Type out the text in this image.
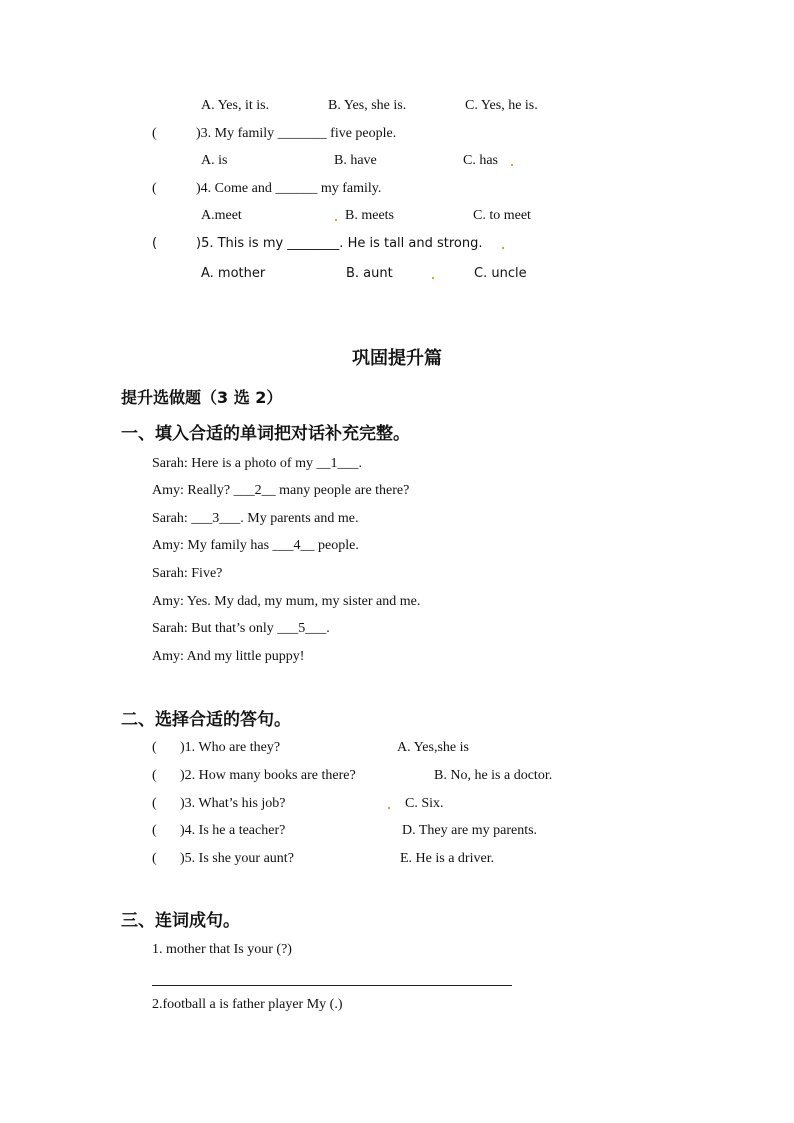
A. Yes, it is.	B. Yes, she is.	C. Yes, he is.
(	)3. My family _______ five people.
A. is	B. have	C. has
(	)4. Come and ______ my family.
A.meet	B. meets	C. to meet
(	)5. This is my ________. He is tall and strong.
A. mother	B. aunt	C. uncle
巩固提升篇
提升选做题（3 选 2）
一、填入合适的单词把对话补充完整。
Sarah: Here is a photo of my __1___.
Amy: Really? ___2__ many people are there?
Sarah: ___3___. My parents and me.
Amy: My family has ___4__ people.
Sarah: Five?
Amy: Yes. My dad, my mum, my sister and me.
Sarah: But that’s only ___5___.
Amy: And my little puppy!
二、选择合适的答句。
( )1. Who are they?	A. Yes,she is
( )2. How many books are there?	B. No, he is a doctor.
( )3. What’s his job?	C. Six.
( )4. Is he a teacher?	D. They are my parents.
( )5. Is she your aunt?	E. He is a driver.
三、连词成句。
1. mother that Is your (?)
2.football a is father player My (.)
